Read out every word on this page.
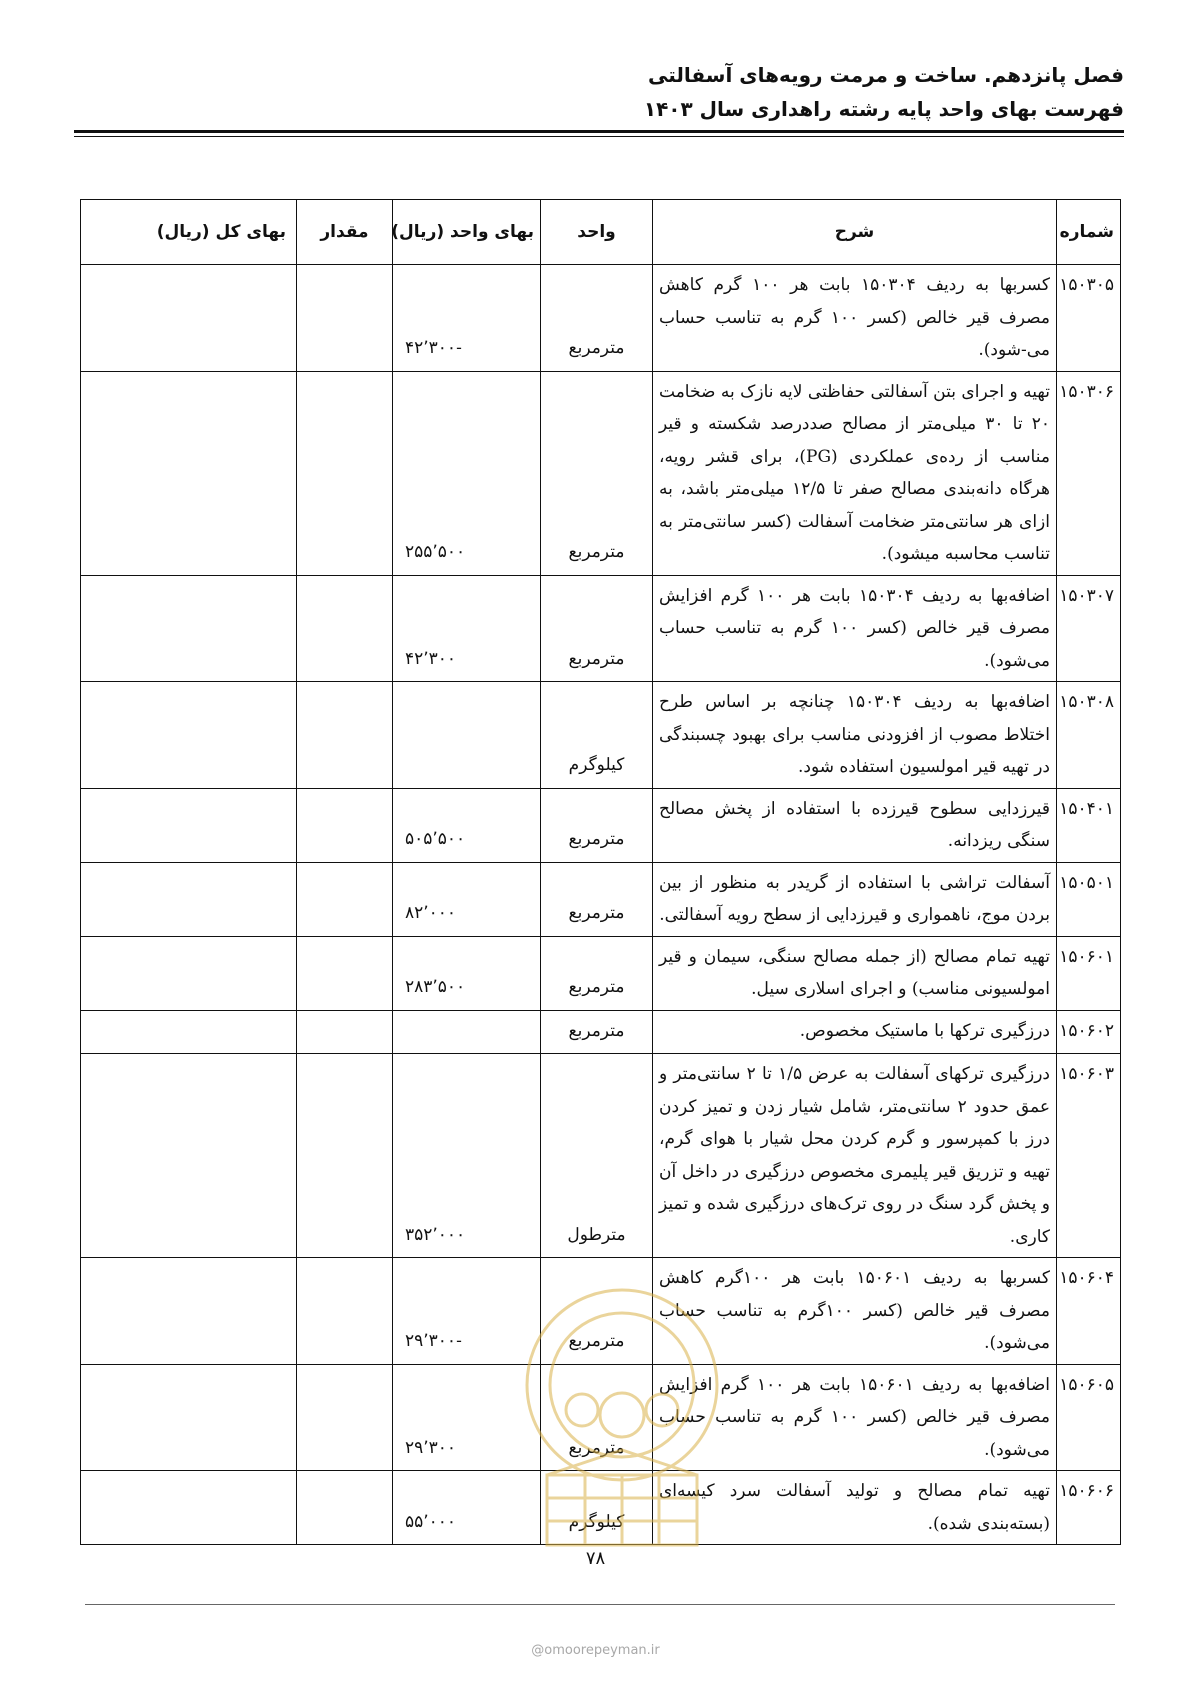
فصل پانزدهم. ساخت و مرمت رویه‌های آسفالتی
فهرست بهای واحد پایه رشته راهداری سال ۱۴۰۳
شماره	شرح	واحد	بهای واحد (ریال)	مقدار	بهای کل (ریال)
۱۵۰۳۰۵	کسربها به ردیف ۱۵۰۳۰۴ بابت هر ۱۰۰ گرم کاهش مصرف قیر خالص (کسر ۱۰۰ گرم به تناسب حساب می-شود).	مترمربع	-۴۲٬۳۰۰		
۱۵۰۳۰۶	تهیه و اجرای بتن آسفالتی حفاظتی لایه نازک به ضخامت ۲۰ تا ۳۰ میلی‌متر از مصالح صددرصد شکسته و قیر مناسب از رده‌ی عملکردی (PG)، برای قشر رویه، هرگاه دانه‌بندی مصالح صفر تا ۱۲/۵ میلی‌متر باشد، به ازای هر سانتی‌متر ضخامت آسفالت (کسر سانتی‌متر به تناسب محاسبه میشود).	مترمربع	۲۵۵٬۵۰۰		
۱۵۰۳۰۷	اضافه‌بها به ردیف ۱۵۰۳۰۴ بابت هر ۱۰۰ گرم افزایش مصرف قیر خالص (کسر ۱۰۰ گرم به تناسب حساب می‌شود).	مترمربع	۴۲٬۳۰۰		
۱۵۰۳۰۸	اضافه‌بها به ردیف ۱۵۰۳۰۴ چنانچه بر اساس طرح اختلاط مصوب از افزودنی مناسب برای بهبود چسبندگی در تهیه قیر امولسیون استفاده شود.	کیلوگرم			
۱۵۰۴۰۱	قیرزدایی سطوح قیرزده با استفاده از پخش مصالح سنگی ریزدانه.	مترمربع	۵۰۵٬۵۰۰		
۱۵۰۵۰۱	آسفالت تراشی با استفاده از گریدر به منظور از بین بردن موج، ناهمواری و قیرزدایی از سطح رویه آسفالتی.	مترمربع	۸۲٬۰۰۰		
۱۵۰۶۰۱	تهیه تمام مصالح (از جمله مصالح سنگی، سیمان و قیر امولسیونی مناسب) و اجرای اسلاری سیل.	مترمربع	۲۸۳٬۵۰۰		
۱۵۰۶۰۲	درزگیری ترکها با ماستیک مخصوص.	مترمربع			
۱۵۰۶۰۳	درزگیری ترکهای آسفالت به عرض ۱/۵ تا ۲ سانتی‌متر و عمق حدود ۲ سانتی‌متر، شامل شیار زدن و تمیز کردن درز با کمپرسور و گرم کردن محل شیار با هوای گرم، تهیه و تزریق قیر پلیمری مخصوص درزگیری در داخل آن و پخش گرد سنگ در روی ترک‌های درزگیری شده و تمیز کاری.	مترطول	۳۵۲٬۰۰۰		
۱۵۰۶۰۴	کسربها به ردیف ۱۵۰۶۰۱ بابت هر ۱۰۰گرم کاهش مصرف قیر خالص (کسر ۱۰۰گرم به تناسب حساب می‌شود).	مترمربع	-۲۹٬۳۰۰		
۱۵۰۶۰۵	اضافه‌بها به ردیف ۱۵۰۶۰۱ بابت هر ۱۰۰ گرم افزایش مصرف قیر خالص (کسر ۱۰۰ گرم به تناسب حساب می‌شود).	مترمربع	۲۹٬۳۰۰		
۱۵۰۶۰۶	تهیه تمام مصالح و تولید آسفالت سرد کیسه‌ای (بسته‌بندی شده).	کیلوگرم	۵۵٬۰۰۰		
۷۸
@omoorepeyman.ir
